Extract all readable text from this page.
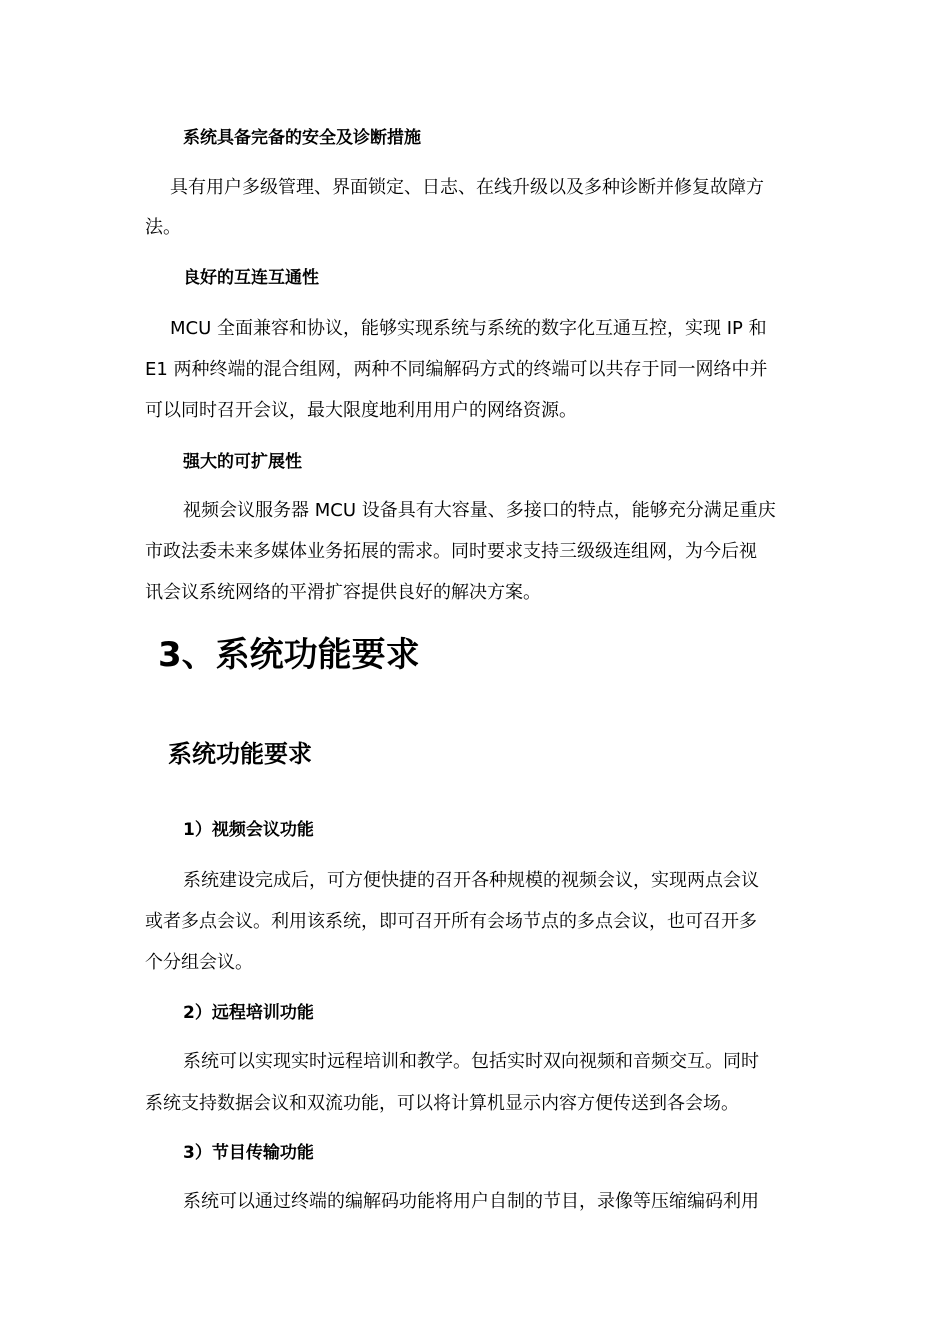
系统具备完备的安全及诊断措施
具有用户多级管理、界面锁定、日志、在线升级以及多种诊断并修复故障方
法。
良好的互连互通性
MCU 全面兼容和协议，能够实现系统与系统的数字化互通互控，实现 IP 和
E1 两种终端的混合组网，两种不同编解码方式的终端可以共存于同一网络中并
可以同时召开会议，最大限度地利用用户的网络资源。
强大的可扩展性
视频会议服务器 MCU 设备具有大容量、多接口的特点，能够充分满足重庆
市政法委未来多媒体业务拓展的需求。同时要求支持三级级连组网，为今后视
讯会议系统网络的平滑扩容提供良好的解决方案。
3、系统功能要求
系统功能要求
1）视频会议功能
系统建设完成后，可方便快捷的召开各种规模的视频会议，实现两点会议
或者多点会议。利用该系统，即可召开所有会场节点的多点会议，也可召开多
个分组会议。
2）远程培训功能
系统可以实现实时远程培训和教学。包括实时双向视频和音频交互。同时
系统支持数据会议和双流功能，可以将计算机显示内容方便传送到各会场。
3）节目传输功能
系统可以通过终端的编解码功能将用户自制的节目，录像等压缩编码利用
